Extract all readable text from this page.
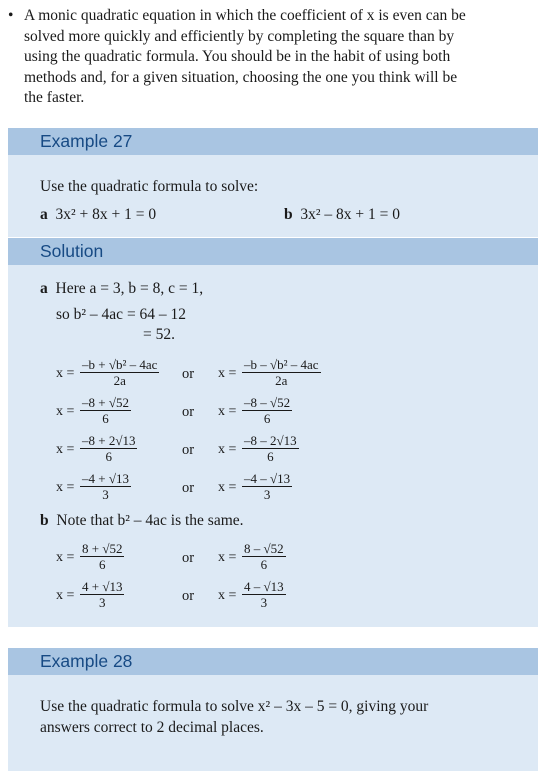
• A monic quadratic equation in which the coefficient of x is even can be
solved more quickly and efficiently by completing the square than by
using the quadratic formula. You should be in the habit of using both
methods and, for a given situation, choosing the one you think will be
the faster.
Example 27
Use the quadratic formula to solve:
a 3x² + 8x + 1 = 0	b 3x² – 8x + 1 = 0
Solution
a Here a = 3, b = 8, c = 1,
so b² – 4ac = 64 – 12
= 52.
$x = \frac{\text{–b + √b² – 4ac}}{2a}$ or $x = \frac{\text{–b – √b² – 4ac}}{2a}$
$x = \frac{-8 + √52}{6}$	or $x = \frac{-8 - √52}{6}$
$x = \frac{-8 + 2√13}{6}$	or $x = \frac{-8 - 2√13}{6}$
$x = \frac{-4 + √13}{3}$	or $x = \frac{-4 - √13}{3}$
b Note that b² – 4ac is the same.
$x = \frac{8 + √52}{6}$	or $x = \frac{8 - √52}{6}$
$x = \frac{4 + √13}{3}$	or $x = \frac{4 - √13}{3}$
Example 28
Use the quadratic formula to solve x² – 3x – 5 = 0, giving your
answers correct to 2 decimal places.
